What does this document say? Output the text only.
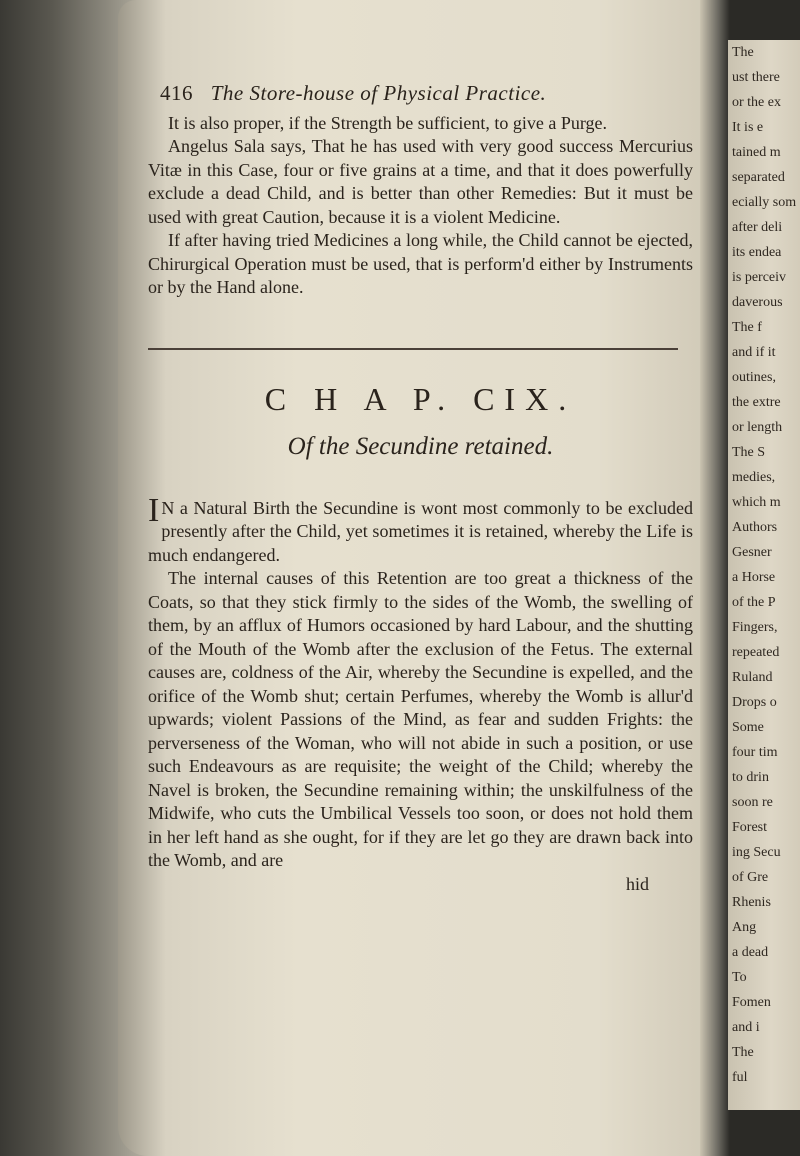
The
ust there
or the ex
It is e
tained m
separated
ecially som
after deli
its endea
is perceiv
daverous
The f
and if it
outines,
the extre
or length
The S
medies,
which m
Authors
Gesner
a Horse
of the P
Fingers,
repeated
Ruland
Drops o
Some
four tim
to drin
soon re
Forest
ing Secu
of Gre
Rhenis
Ang
a dead
To
Fomen
and i
The
ful
416 The Store-house of Physical Practice.

It is also proper, if the Strength be sufficient, to give a Purge.

Angelus Sala says, That he has used with very good success Mercurius Vitæ in this Case, four or five grains at a time, and that it does powerfully exclude a dead Child, and is better than other Remedies: But it must be used with great Caution, because it is a violent Medicine.

If after having tried Medicines a long while, the Child cannot be ejected, Chirurgical Operation must be used, that is perform'd either by Instruments or by the Hand alone.

C H A P. CIX.
Of the Secundine retained.

I N a Natural Birth the Secundine is wont most commonly to be excluded presently after the Child, yet sometimes it is retained, whereby the Life is much endangered.

The internal causes of this Retention are too great a thickness of the Coats, so that they stick firmly to the sides of the Womb, the swelling of them, by an afflux of Humors occasioned by hard Labour, and the shutting of the Mouth of the Womb after the exclusion of the Fetus. The external causes are, coldness of the Air, whereby the Secundine is expelled, and the orifice of the Womb shut; certain Perfumes, whereby the Womb is allur'd upwards; violent Passions of the Mind, as fear and sudden Frights: the perverseness of the Woman, who will not abide in such a position, or use such Endeavours as are requisite; the weight of the Child; whereby the Navel is broken, the Secundine remaining within; the unskilfulness of the Midwife, who cuts the Umbilical Vessels too soon, or does not hold them in her left hand as she ought, for if they are let go they are drawn back into the Womb, and are

hid
